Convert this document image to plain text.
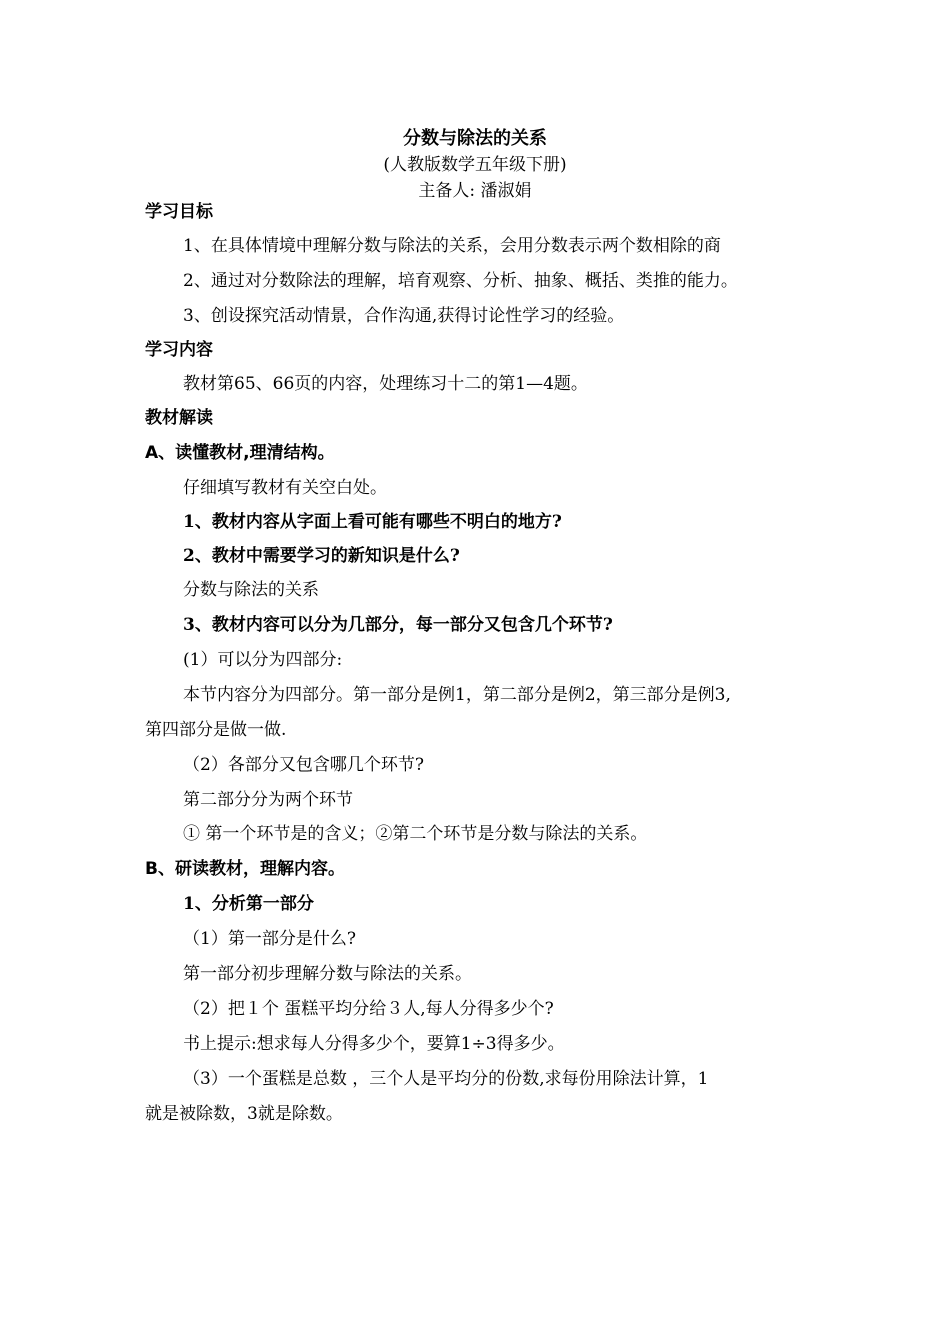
分数与除法的关系
(人教版数学五年级下册)
主备人: 潘淑娟
学习目标
1、在具体情境中理解分数与除法的关系，会用分数表示两个数相除的商
2、通过对分数除法的理解，培育观察、分析、抽象、概括、类推的能力。
3、创设探究活动情景，合作沟通,获得讨论性学习的经验。
学习内容
教材第65、66页的内容，处理练习十二的第1—4题。
教材解读
A、读懂教材,理清结构。
仔细填写教材有关空白处。
1、教材内容从字面上看可能有哪些不明白的地方?
2、教材中需要学习的新知识是什么?
分数与除法的关系
3、教材内容可以分为几部分，每一部分又包含几个环节?
(1）可以分为四部分:
本节内容分为四部分。第一部分是例1，第二部分是例2，第三部分是例3,
第四部分是做一做.
（2）各部分又包含哪几个环节?
第二部分分为两个环节
① 第一个环节是的含义；②第二个环节是分数与除法的关系。
B、研读教材，理解内容。
1、分析第一部分
（1）第一部分是什么?
第一部分初步理解分数与除法的关系。
（2）把１个 蛋糕平均分给３人,每人分得多少个?
书上提示:想求每人分得多少个，要算1÷3得多少。
（3）一个蛋糕是总数 ，三个人是平均分的份数,求每份用除法计算，1
就是被除数，3就是除数。
